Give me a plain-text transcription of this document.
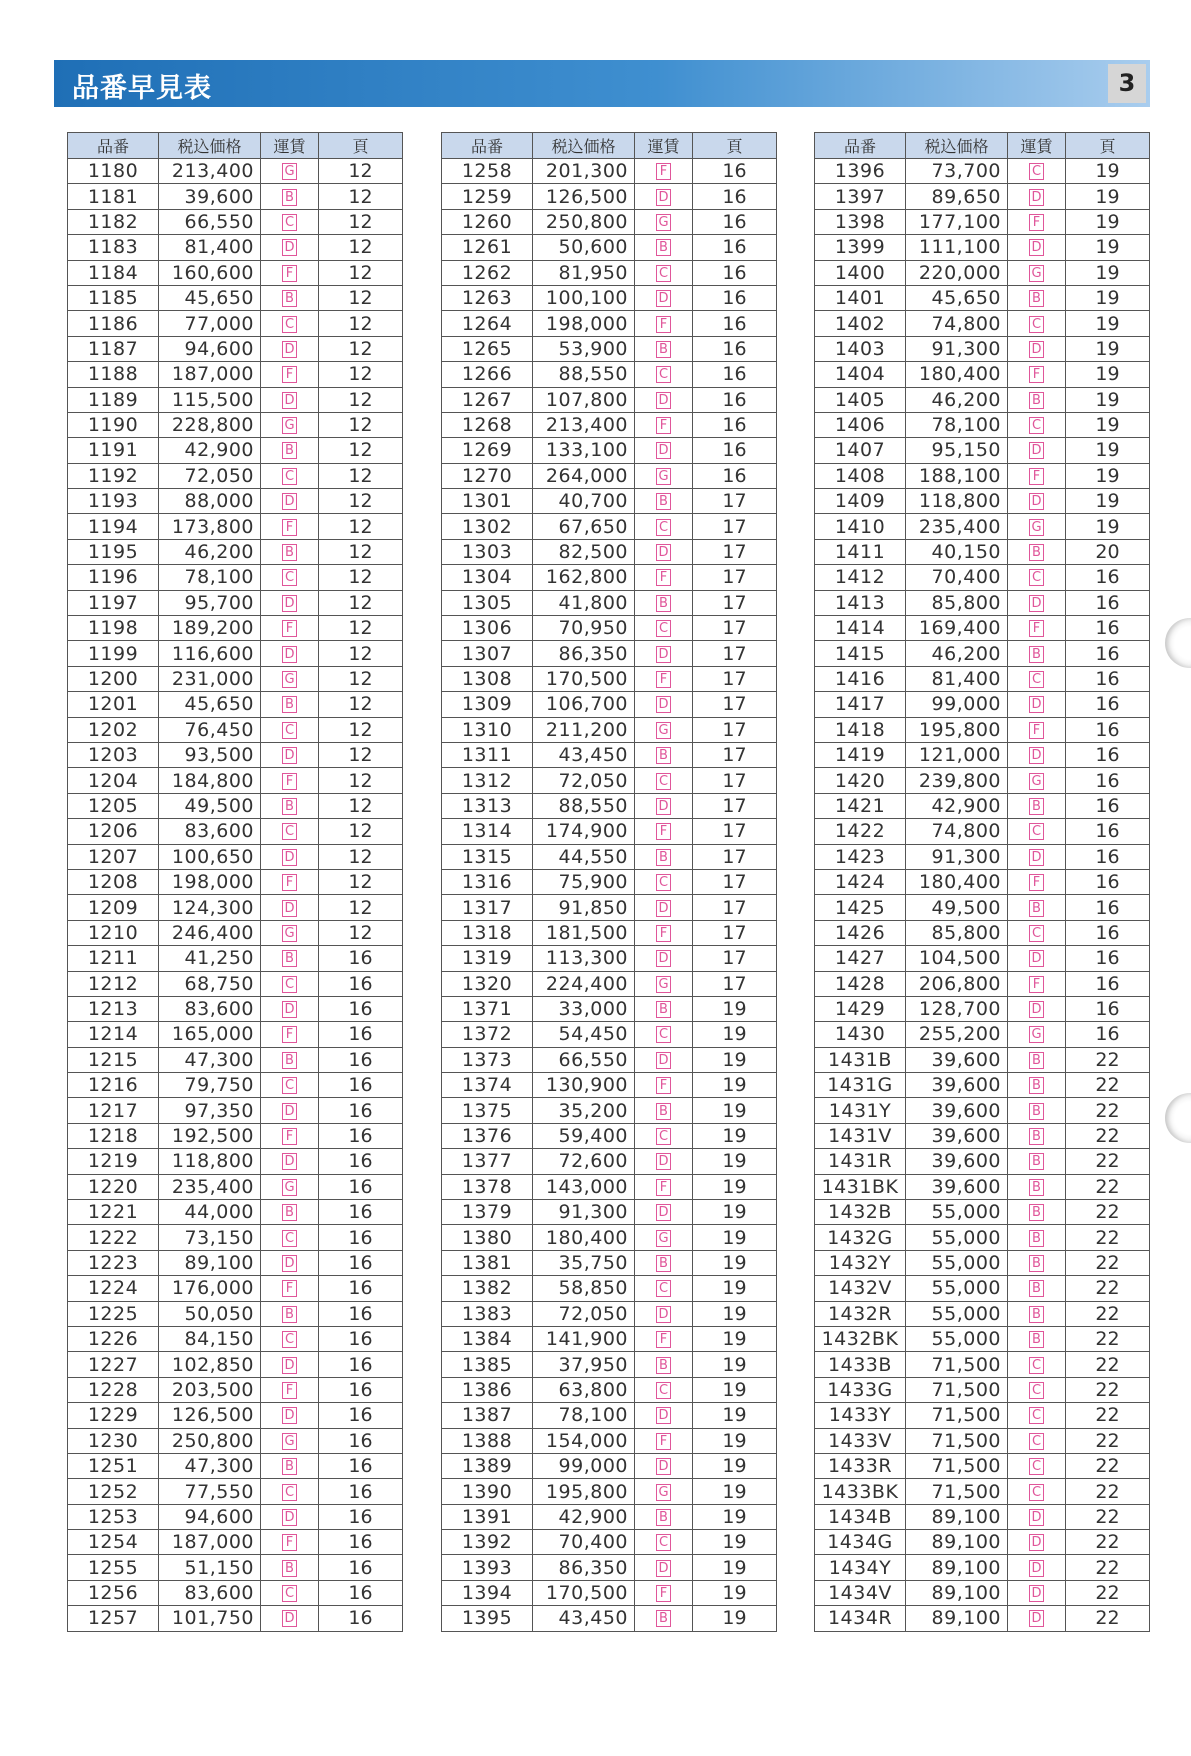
品番早見表	3
品番	税込価格	運賃	頁
1180	213,400	G	12
1181	39,600	B	12
1182	66,550	C	12
1183	81,400	D	12
1184	160,600	F	12
1185	45,650	B	12
1186	77,000	C	12
1187	94,600	D	12
1188	187,000	F	12
1189	115,500	D	12
1190	228,800	G	12
1191	42,900	B	12
1192	72,050	C	12
1193	88,000	D	12
1194	173,800	F	12
1195	46,200	B	12
1196	78,100	C	12
1197	95,700	D	12
1198	189,200	F	12
1199	116,600	D	12
1200	231,000	G	12
1201	45,650	B	12
1202	76,450	C	12
1203	93,500	D	12
1204	184,800	F	12
1205	49,500	B	12
1206	83,600	C	12
1207	100,650	D	12
1208	198,000	F	12
1209	124,300	D	12
1210	246,400	G	12
1211	41,250	B	16
1212	68,750	C	16
1213	83,600	D	16
1214	165,000	F	16
1215	47,300	B	16
1216	79,750	C	16
1217	97,350	D	16
1218	192,500	F	16
1219	118,800	D	16
1220	235,400	G	16
1221	44,000	B	16
1222	73,150	C	16
1223	89,100	D	16
1224	176,000	F	16
1225	50,050	B	16
1226	84,150	C	16
1227	102,850	D	16
1228	203,500	F	16
1229	126,500	D	16
1230	250,800	G	16
1251	47,300	B	16
1252	77,550	C	16
1253	94,600	D	16
1254	187,000	F	16
1255	51,150	B	16
1256	83,600	C	16
1257	101,750	D	16
品番	税込価格	運賃	頁
1258	201,300	F	16
1259	126,500	D	16
1260	250,800	G	16
1261	50,600	B	16
1262	81,950	C	16
1263	100,100	D	16
1264	198,000	F	16
1265	53,900	B	16
1266	88,550	C	16
1267	107,800	D	16
1268	213,400	F	16
1269	133,100	D	16
1270	264,000	G	16
1301	40,700	B	17
1302	67,650	C	17
1303	82,500	D	17
1304	162,800	F	17
1305	41,800	B	17
1306	70,950	C	17
1307	86,350	D	17
1308	170,500	F	17
1309	106,700	D	17
1310	211,200	G	17
1311	43,450	B	17
1312	72,050	C	17
1313	88,550	D	17
1314	174,900	F	17
1315	44,550	B	17
1316	75,900	C	17
1317	91,850	D	17
1318	181,500	F	17
1319	113,300	D	17
1320	224,400	G	17
1371	33,000	B	19
1372	54,450	C	19
1373	66,550	D	19
1374	130,900	F	19
1375	35,200	B	19
1376	59,400	C	19
1377	72,600	D	19
1378	143,000	F	19
1379	91,300	D	19
1380	180,400	G	19
1381	35,750	B	19
1382	58,850	C	19
1383	72,050	D	19
1384	141,900	F	19
1385	37,950	B	19
1386	63,800	C	19
1387	78,100	D	19
1388	154,000	F	19
1389	99,000	D	19
1390	195,800	G	19
1391	42,900	B	19
1392	70,400	C	19
1393	86,350	D	19
1394	170,500	F	19
1395	43,450	B	19
品番	税込価格	運賃	頁
1396	73,700	C	19
1397	89,650	D	19
1398	177,100	F	19
1399	111,100	D	19
1400	220,000	G	19
1401	45,650	B	19
1402	74,800	C	19
1403	91,300	D	19
1404	180,400	F	19
1405	46,200	B	19
1406	78,100	C	19
1407	95,150	D	19
1408	188,100	F	19
1409	118,800	D	19
1410	235,400	G	19
1411	40,150	B	20
1412	70,400	C	16
1413	85,800	D	16
1414	169,400	F	16
1415	46,200	B	16
1416	81,400	C	16
1417	99,000	D	16
1418	195,800	F	16
1419	121,000	D	16
1420	239,800	G	16
1421	42,900	B	16
1422	74,800	C	16
1423	91,300	D	16
1424	180,400	F	16
1425	49,500	B	16
1426	85,800	C	16
1427	104,500	D	16
1428	206,800	F	16
1429	128,700	D	16
1430	255,200	G	16
1431B	39,600	B	22
1431G	39,600	B	22
1431Y	39,600	B	22
1431V	39,600	B	22
1431R	39,600	B	22
1431BK	39,600	B	22
1432B	55,000	B	22
1432G	55,000	B	22
1432Y	55,000	B	22
1432V	55,000	B	22
1432R	55,000	B	22
1432BK	55,000	B	22
1433B	71,500	C	22
1433G	71,500	C	22
1433Y	71,500	C	22
1433V	71,500	C	22
1433R	71,500	C	22
1433BK	71,500	C	22
1434B	89,100	D	22
1434G	89,100	D	22
1434Y	89,100	D	22
1434V	89,100	D	22
1434R	89,100	D	22
